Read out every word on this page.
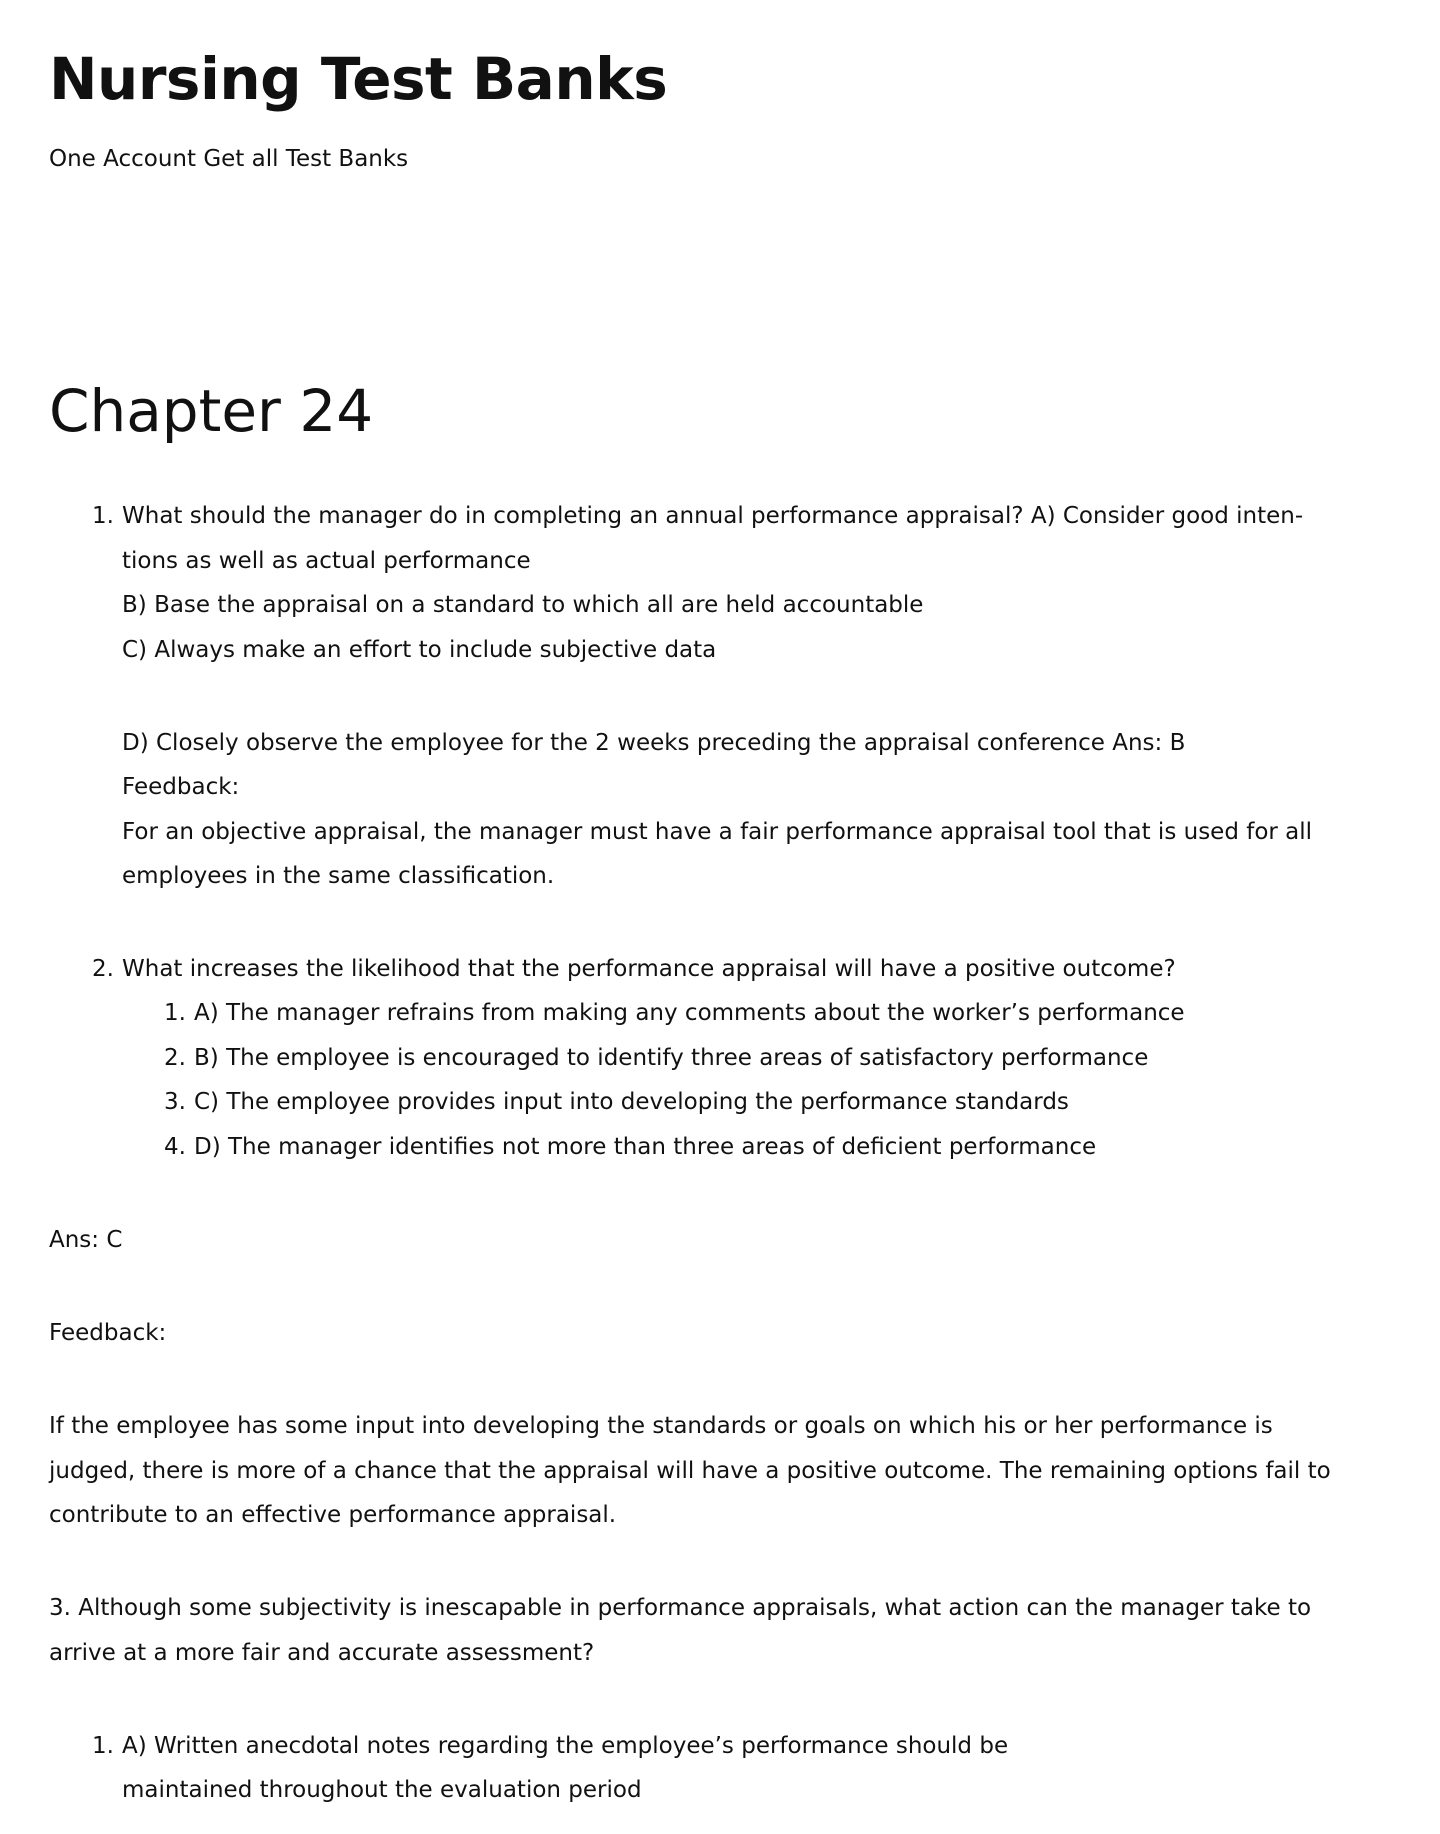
Nursing Test Banks

One Account Get all Test Banks

Chapter 24
1. What should the manager do in completing an annual performance appraisal? A) Consider good inten-

tions as well as actual performance

B) Base the appraisal on a standard to which all are held accountable

C) Always make an effort to include subjective data

D) Closely observe the employee for the 2 weeks preceding the appraisal conference Ans: B

Feedback:

For an objective appraisal, the manager must have a fair performance appraisal tool that is used for all

employees in the same classification.

2. What increases the likelihood that the performance appraisal will have a positive outcome?

1. A) The manager refrains from making any comments about the worker’s performance

2. B) The employee is encouraged to identify three areas of satisfactory performance

3. C) The employee provides input into developing the performance standards

4. D) The manager identifies not more than three areas of deficient performance

Ans: C

Feedback:

If the employee has some input into developing the standards or goals on which his or her performance is

judged, there is more of a chance that the appraisal will have a positive outcome. The remaining options fail to

contribute to an effective performance appraisal.

3. Although some subjectivity is inescapable in performance appraisals, what action can the manager take to

arrive at a more fair and accurate assessment?

1. A) Written anecdotal notes regarding the employee’s performance should be

maintained throughout the evaluation period
